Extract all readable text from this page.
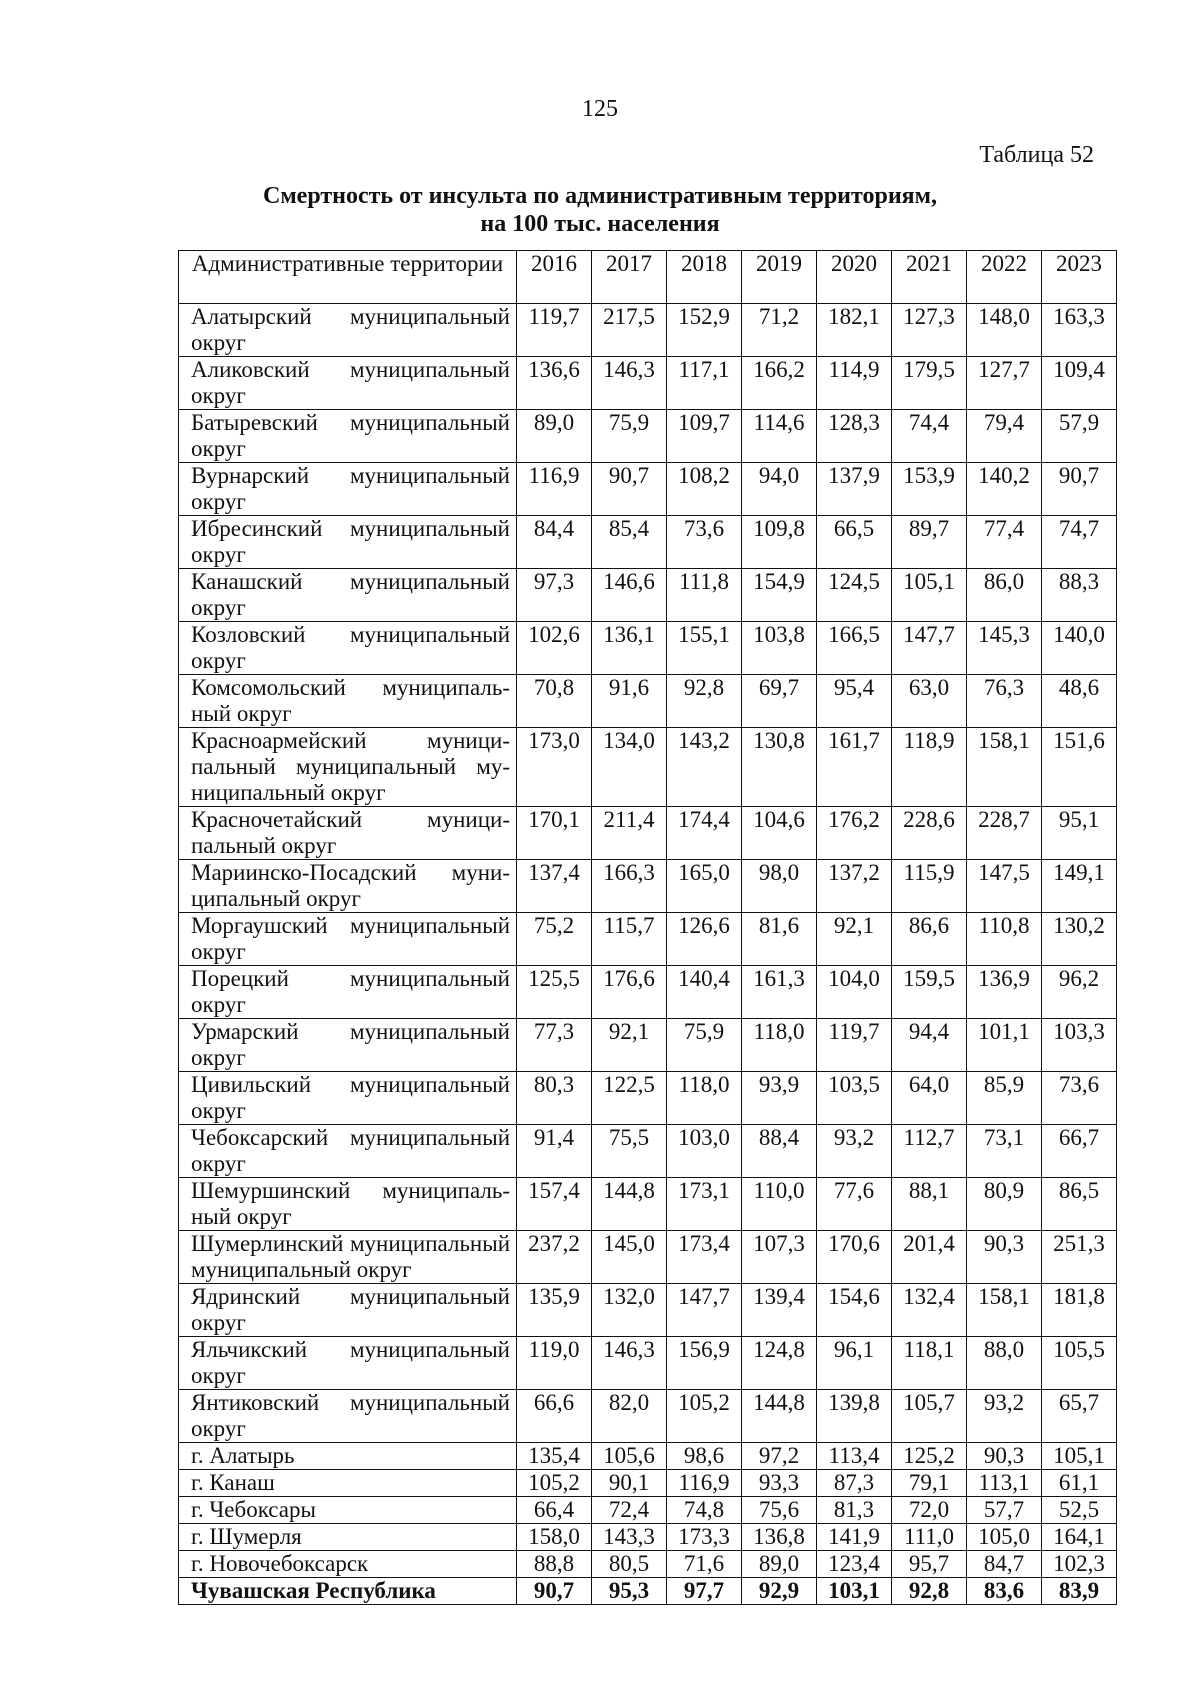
125
Таблица 52
Смертность от инсульта по административным территориям,
на 100 тыс. населения
Административные территории	2016	2017	2018	2019	2020	2021	2022	2023
Алатырский муниципальный округ	119,7	217,5	152,9	71,2	182,1	127,3	148,0	163,3
Аликовский муниципальный округ	136,6	146,3	117,1	166,2	114,9	179,5	127,7	109,4
Батыревский муниципальный округ	89,0	75,9	109,7	114,6	128,3	74,4	79,4	57,9
Вурнарский муниципальный округ	116,9	90,7	108,2	94,0	137,9	153,9	140,2	90,7
Ибресинский муниципальный округ	84,4	85,4	73,6	109,8	66,5	89,7	77,4	74,7
Канашский муниципальный округ	97,3	146,6	111,8	154,9	124,5	105,1	86,0	88,3
Козловский муниципальный округ	102,6	136,1	155,1	103,8	166,5	147,7	145,3	140,0
Комсомольский муниципальный округ	70,8	91,6	92,8	69,7	95,4	63,0	76,3	48,6
Красноармейский муниципальный муниципальный муниципальный округ	173,0	134,0	143,2	130,8	161,7	118,9	158,1	151,6
Красночетайский муниципальный округ	170,1	211,4	174,4	104,6	176,2	228,6	228,7	95,1
Мариинско-Посадский муниципальный округ	137,4	166,3	165,0	98,0	137,2	115,9	147,5	149,1
Моргаушский муниципальный округ	75,2	115,7	126,6	81,6	92,1	86,6	110,8	130,2
Порецкий муниципальный округ	125,5	176,6	140,4	161,3	104,0	159,5	136,9	96,2
Урмарский муниципальный округ	77,3	92,1	75,9	118,0	119,7	94,4	101,1	103,3
Цивильский муниципальный округ	80,3	122,5	118,0	93,9	103,5	64,0	85,9	73,6
Чебоксарский муниципальный округ	91,4	75,5	103,0	88,4	93,2	112,7	73,1	66,7
Шемуршинский муниципальный округ	157,4	144,8	173,1	110,0	77,6	88,1	80,9	86,5
Шумерлинский муниципальный муниципальный округ	237,2	145,0	173,4	107,3	170,6	201,4	90,3	251,3
Ядринский муниципальный округ	135,9	132,0	147,7	139,4	154,6	132,4	158,1	181,8
Яльчикский муниципальный округ	119,0	146,3	156,9	124,8	96,1	118,1	88,0	105,5
Янтиковский муниципальный округ	66,6	82,0	105,2	144,8	139,8	105,7	93,2	65,7
г. Алатырь	135,4	105,6	98,6	97,2	113,4	125,2	90,3	105,1
г. Канаш	105,2	90,1	116,9	93,3	87,3	79,1	113,1	61,1
г. Чебоксары	66,4	72,4	74,8	75,6	81,3	72,0	57,7	52,5
г. Шумерля	158,0	143,3	173,3	136,8	141,9	111,0	105,0	164,1
г. Новочебоксарск	88,8	80,5	71,6	89,0	123,4	95,7	84,7	102,3
Чувашская Республика	90,7	95,3	97,7	92,9	103,1	92,8	83,6	83,9
